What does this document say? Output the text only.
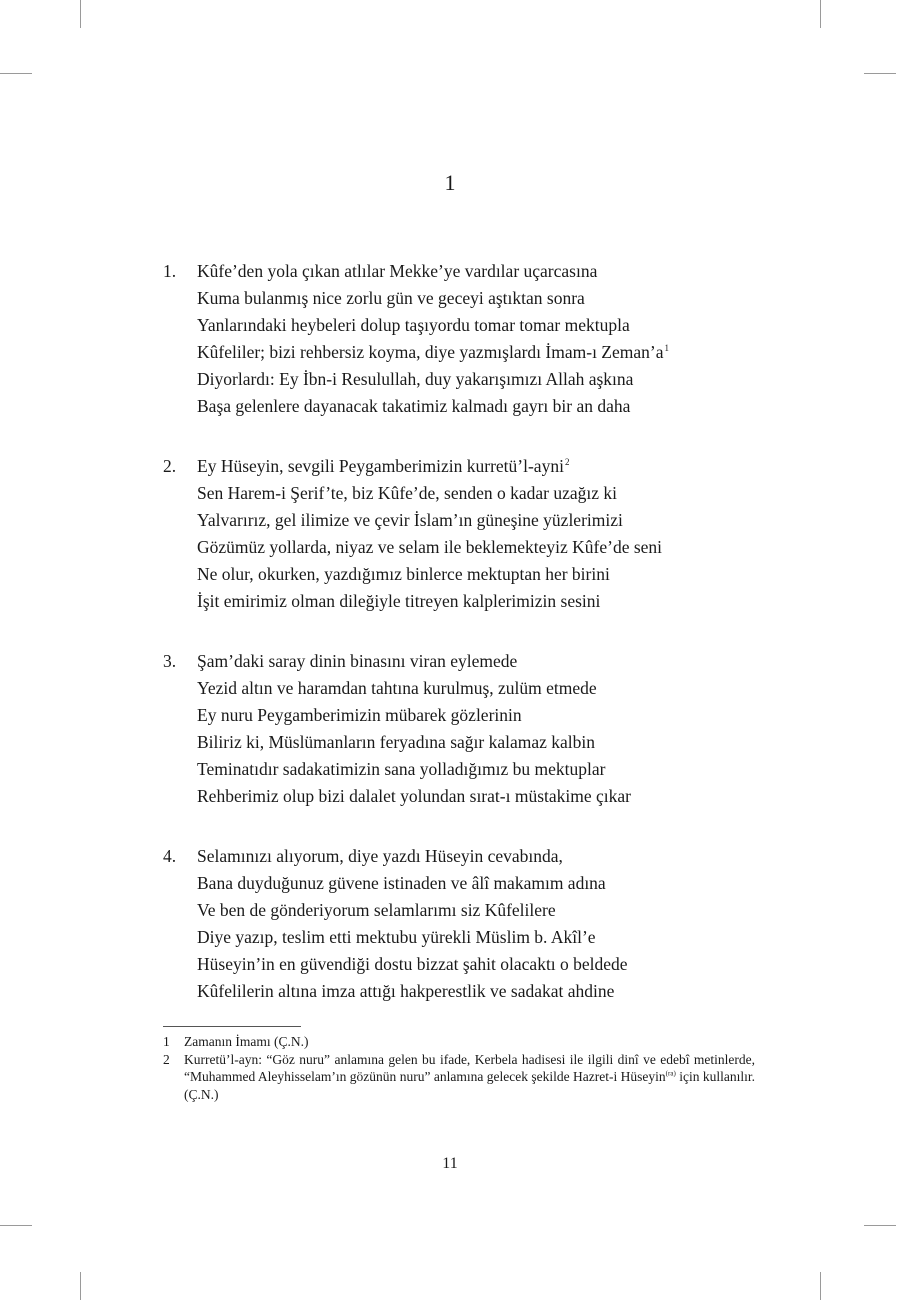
1
1.	Kûfe’den yola çıkan atlılar Mekke’ye vardılar uçarcasına
Kuma bulanmış nice zorlu gün ve geceyi aştıktan sonra
Yanlarındaki heybeleri dolup taşıyordu tomar tomar mektupla
Kûfeliler; bizi rehbersiz koyma, diye yazmışlardı İmam-ı Zeman’a$^1$
Diyorlardı: Ey İbn-i Resulullah, duy yakarışımızı Allah aşkına
Başa gelenlere dayanacak takatimiz kalmadı gayrı bir an daha
2.	Ey Hüseyin, sevgili Peygamberimizin kurretü’l-ayni$^2$
Sen Harem-i Şerif’te, biz Kûfe’de, senden o kadar uzağız ki
Yalvarırız, gel ilimize ve çevir İslam’ın güneşine yüzlerimizi
Gözümüz yollarda, niyaz ve selam ile beklemekteyiz Kûfe’de seni
Ne olur, okurken, yazdığımız binlerce mektuptan her birini
İşit emirimiz olman dileğiyle titreyen kalplerimizin sesini
3.	Şam’daki saray dinin binasını viran eylemede
Yezid altın ve haramdan tahtına kurulmuş, zulüm etmede
Ey nuru Peygamberimizin mübarek gözlerinin
Biliriz ki, Müslümanların feryadına sağır kalamaz kalbin
Teminatıdır sadakatimizin sana yolladığımız bu mektuplar
Rehberimiz olup bizi dalalet yolundan sırat-ı müstakime çıkar
4.	Selamınızı alıyorum, diye yazdı Hüseyin cevabında,
Bana duyduğunuz güvene istinaden ve âlî makamım adına
Ve ben de gönderiyorum selamlarımı siz Kûfelilere
Diye yazıp, teslim etti mektubu yürekli Müslim b. Akîl’e
Hüseyin’in en güvendiği dostu bizzat şahit olacaktı o beldede
Kûfelilerin altına imza attığı hakperestlik ve sadakat ahdine
1	Zamanın İmamı (Ç.N.)
2	Kurretü’l-ayn: “Göz nuru” anlamına gelen bu ifade, Kerbela hadisesi ile ilgili dinî ve edebî metinlerde, “Muhammed Aleyhisselam’ın gözünün nuru” anlamına gelecek şekilde Hazret-i Hüseyin$^{(ra)}$ için kullanılır. (Ç.N.)
11
